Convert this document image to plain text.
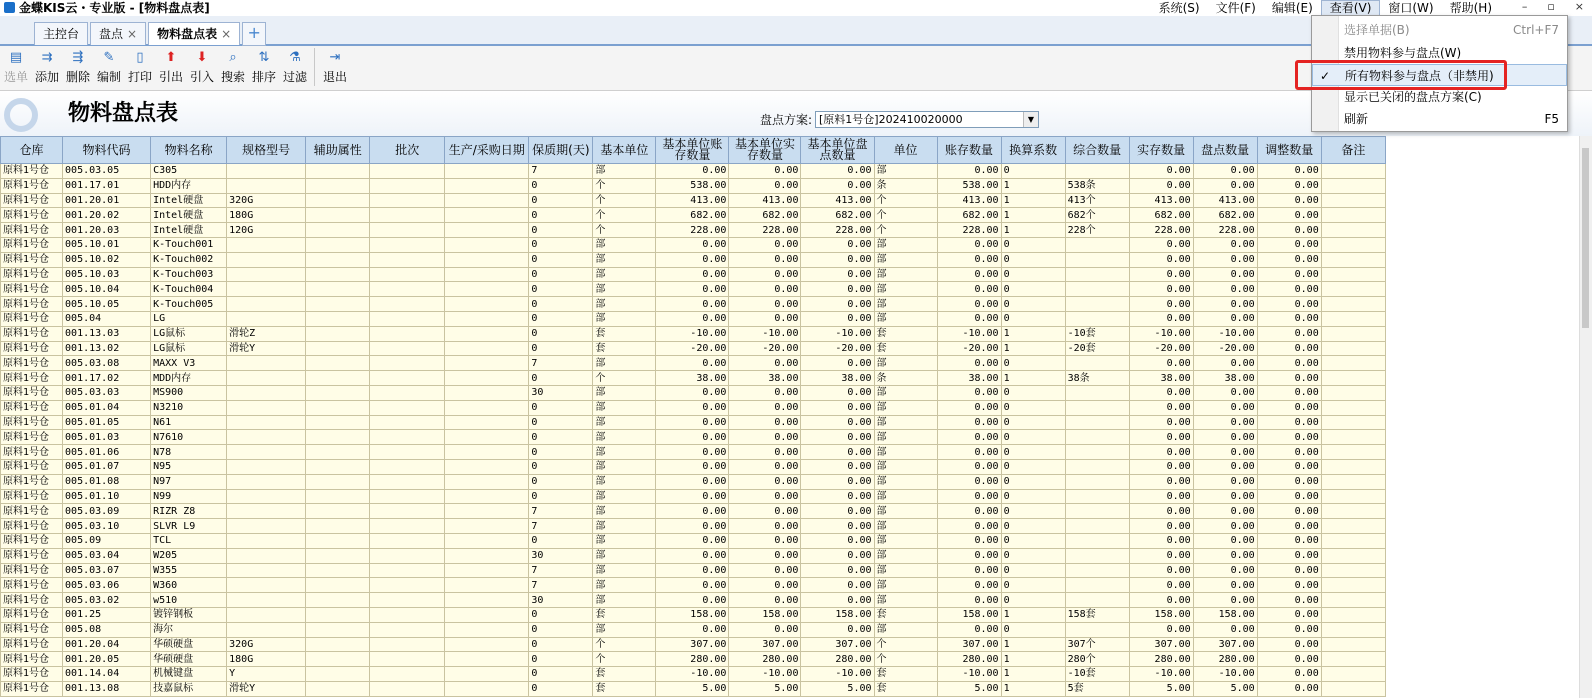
金蝶KIS云・专业版 - [物料盘点表]	系统(S)	文件(F)	编辑(E)	查看(V)	窗口(W)	帮助(H)	– ▫ ×
主控台	盘点 ×	物料盘点表 ×	+
▤
选单
⇉
添加
⇶
删除
✎
编制
▯
打印
⬆
引出
⬇
引入
⌕
搜索
⇅
排序
⚗
过滤
⇥
退出
物料盘点表	盘点方案: [原料1号仓]202410020000	▼
仓库	物料代码	物料名称	规格型号	辅助属性	批次	生产/采购日期	保质期(天)	基本单位	基本单位账存数量	基本单位实存数量	基本单位盘点数量	单位	账存数量	换算系数	综合数量	实存数量	盘点数量	调整数量	备注
原料1号仓	005.03.05	C305					7	部	0.00	0.00	0.00	部	0.00	0		0.00	0.00	0.00	
原料1号仓	001.17.01	HDD内存					0	个	538.00	0.00	0.00	条	538.00	1	538条	0.00	0.00	0.00	
原料1号仓	001.20.01	Intel硬盘	320G				0	个	413.00	413.00	413.00	个	413.00	1	413个	413.00	413.00	0.00	
原料1号仓	001.20.02	Intel硬盘	180G				0	个	682.00	682.00	682.00	个	682.00	1	682个	682.00	682.00	0.00	
原料1号仓	001.20.03	Intel硬盘	120G				0	个	228.00	228.00	228.00	个	228.00	1	228个	228.00	228.00	0.00	
原料1号仓	005.10.01	K-Touch001					0	部	0.00	0.00	0.00	部	0.00	0		0.00	0.00	0.00	
原料1号仓	005.10.02	K-Touch002					0	部	0.00	0.00	0.00	部	0.00	0		0.00	0.00	0.00	
原料1号仓	005.10.03	K-Touch003					0	部	0.00	0.00	0.00	部	0.00	0		0.00	0.00	0.00	
原料1号仓	005.10.04	K-Touch004					0	部	0.00	0.00	0.00	部	0.00	0		0.00	0.00	0.00	
原料1号仓	005.10.05	K-Touch005					0	部	0.00	0.00	0.00	部	0.00	0		0.00	0.00	0.00	
原料1号仓	005.04	LG					0	部	0.00	0.00	0.00	部	0.00	0		0.00	0.00	0.00	
原料1号仓	001.13.03	LG鼠标	滑轮Z				0	套	-10.00	-10.00	-10.00	套	-10.00	1	-10套	-10.00	-10.00	0.00	
原料1号仓	001.13.02	LG鼠标	滑轮Y				0	套	-20.00	-20.00	-20.00	套	-20.00	1	-20套	-20.00	-20.00	0.00	
原料1号仓	005.03.08	MAXX V3					7	部	0.00	0.00	0.00	部	0.00	0		0.00	0.00	0.00	
原料1号仓	001.17.02	MDD内存					0	个	38.00	38.00	38.00	条	38.00	1	38条	38.00	38.00	0.00	
原料1号仓	005.03.03	MS900					30	部	0.00	0.00	0.00	部	0.00	0		0.00	0.00	0.00	
原料1号仓	005.01.04	N3210					0	部	0.00	0.00	0.00	部	0.00	0		0.00	0.00	0.00	
原料1号仓	005.01.05	N61					0	部	0.00	0.00	0.00	部	0.00	0		0.00	0.00	0.00	
原料1号仓	005.01.03	N7610					0	部	0.00	0.00	0.00	部	0.00	0		0.00	0.00	0.00	
原料1号仓	005.01.06	N78					0	部	0.00	0.00	0.00	部	0.00	0		0.00	0.00	0.00	
原料1号仓	005.01.07	N95					0	部	0.00	0.00	0.00	部	0.00	0		0.00	0.00	0.00	
原料1号仓	005.01.08	N97					0	部	0.00	0.00	0.00	部	0.00	0		0.00	0.00	0.00	
原料1号仓	005.01.10	N99					0	部	0.00	0.00	0.00	部	0.00	0		0.00	0.00	0.00	
原料1号仓	005.03.09	RIZR Z8					7	部	0.00	0.00	0.00	部	0.00	0		0.00	0.00	0.00	
原料1号仓	005.03.10	SLVR L9					7	部	0.00	0.00	0.00	部	0.00	0		0.00	0.00	0.00	
原料1号仓	005.09	TCL					0	部	0.00	0.00	0.00	部	0.00	0		0.00	0.00	0.00	
原料1号仓	005.03.04	W205					30	部	0.00	0.00	0.00	部	0.00	0		0.00	0.00	0.00	
原料1号仓	005.03.07	W355					7	部	0.00	0.00	0.00	部	0.00	0		0.00	0.00	0.00	
原料1号仓	005.03.06	W360					7	部	0.00	0.00	0.00	部	0.00	0		0.00	0.00	0.00	
原料1号仓	005.03.02	w510					30	部	0.00	0.00	0.00	部	0.00	0		0.00	0.00	0.00	
原料1号仓	001.25	镀锌钢板					0	套	158.00	158.00	158.00	套	158.00	1	158套	158.00	158.00	0.00	
原料1号仓	005.08	海尔					0	部	0.00	0.00	0.00	部	0.00	0		0.00	0.00	0.00	
原料1号仓	001.20.04	华硕硬盘	320G				0	个	307.00	307.00	307.00	个	307.00	1	307个	307.00	307.00	0.00	
原料1号仓	001.20.05	华硕硬盘	180G				0	个	280.00	280.00	280.00	个	280.00	1	280个	280.00	280.00	0.00	
原料1号仓	001.14.04	机械键盘	Y				0	套	-10.00	-10.00	-10.00	套	-10.00	1	-10套	-10.00	-10.00	0.00	
原料1号仓	001.13.08	技嘉鼠标	滑轮Y				0	套	5.00	5.00	5.00	套	5.00	1	5套	5.00	5.00	0.00	
选择单据(B)	Ctrl+F7
禁用物料参与盘点(W)
✓ 所有物料参与盘点（非禁用)
显示已关闭的盘点方案(C)
刷新	F5
